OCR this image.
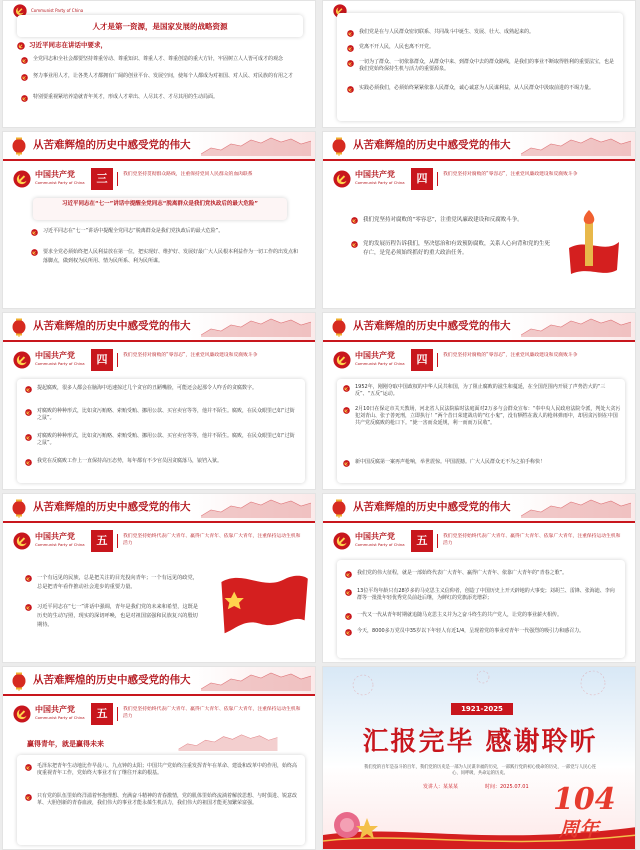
Communist Party of China
人才是第一资源，是国家发展的战略资源
习近平同志在讲话中要求，
全党同志和全社会都要坚持尊重劳动、尊重知识、尊重人才、尊重创造的重大方针，牢固树立人人皆可成才的观念
努力事业用人才，让各类人才都拥有广阔的创业平台、发展空间，使每个人都成为对祖国、对人民、对民族的有用之才
特别要重视紧培养造就青年英才，形成人才辈出、人尽其才、才尽其用的生动局面。
我们党是在与人民群众密切联系、共同战斗中诞生、发展、壮大、成熟起来的。
党离不开人民，人民也离不开党。
一切为了群众、一切依靠群众，从群众中来、到群众中去的群众路线，是我们的事业不断取得胜利的重要法宝，也是我们党始终保持生机与活力的重要源泉。
实践必须我们，必须始终紧紧依靠人民群众，诚心诚意为人民谋利益，从人民群众中汲取前进的不竭力量。
从苦难辉煌的历史中感受党的伟大
中国共产党
Communist Party of China	三	我们党坚持贯彻群众路线，注重保持党同人民群众的血肉联系
习近平同志在“七一”讲话中提醒全党同志“脱离群众是我们党执政后的最大危险”
习近平同志在“七一”讲话中提醒全党同志“脱离群众是我们党执政后的最大危险”。
要求全党必须始终把人民利益放在第一位，把实现好、维护好、发展好最广大人民根本利益作为一切工作的出发点和落脚点，做到权为民所用、情为民所系、利为民所谋。
从苦难辉煌的历史中感受党的伟大
中国共产党
Communist Party of China	四	我们党坚持对腐败的“零容忍”，注重党风廉政建设和反腐败斗争
我们党坚持对腐败的“零容忍”，注重党风廉政建设和反腐败斗争。
党的发展历程告诉我们，坚决惩治和有效预防腐败，关系人心向背和党的生死存亡，是党必须始终抓好的重大政治任务。
从苦难辉煌的历史中感受党的伟大
中国共产党
Communist Party of China	四	我们党坚持对腐败的“零容忍”，注重党风廉政建设和反腐败斗争
提起腐败，很多人都会在脑海中迅速掠过几个贪官的丑陋嘴脸，可能还会起那令人咋舌的贪腐数字。
对腐败的种种形式，比如贪污贿赂、索贿受贿、挪用公款、买官卖官等等，他并不陌生。腐败，在民众眼里已如“过街之鼠”。
对腐败的种种形式，比如贪污贿赂、索贿受贿、挪用公款、买官卖官等等，他并不陌生。腐败，在民众眼里已如“过街之鼠”。
我党在反腐败工作上一直保持高压态势，每年都有不少官员因贪腐落马，锒铛入狱。
从苦难辉煌的历史中感受党的伟大
中国共产党
Communist Party of China	四	我们党坚持对腐败的“零容忍”，注重党风廉政建设和反腐败斗争
1952年，刚刚夺取中国政权的中华人民共和国，为了阻止腐败的滋生和蔓延，在全国范围内开展了声势浩大的“三反”、“五反”运动。
2月10日在保定市关天教场，河北省人民法院临时法庭面对2万多与会群众宣布：“奉中央人民政府法院令派，判处大贪污犯刘青山、张子善死刑，立即执行！”两个昔日荣建战功的“红小鬼”，没有牺牲在敌人的枪林弹雨中，却因贪污倒在中国共产党反腐败的枪口下。“毙一害而众延规，利一而而万民收”。
新中国反腐第一案再声枪响，举世震惊。甲国震撼。广大人民群众无不为之拍手称快！
从苦难辉煌的历史中感受党的伟大
中国共产党
Communist Party of China	五	我们党坚持始终代表广大青年、赢得广大青年、依靠广大青年，注重保持运动生机和活力
一个有远见的民族，总是把关注的目光投向青年；一个有远见的政党，总是把青年看作推动社会进步的重要力量。
习近平同志在“七一”讲话中强调，青年是我们党的未来和希望，这既是历史的生动写照，现实的深切呼唤，也是对祖国富强和民族复兴的殷切期待。
从苦难辉煌的历史中感受党的伟大
中国共产党
Communist Party of China	五	我们党坚持始终代表广大青年、赢得广大青年、依靠广大青年，注重保持运动生机和活力
我们党的伟大征程，就是一部始终代表广大青年、赢得广大青年、依靠广大青年的“青春之歌”。
13位平均年龄只有28岁多的马克思主义信仰者，创造了中国历史上开天辟地的大事变；刘胡兰、雷锋、张海迪、李向群等一批批年轻优秀党员前赴后继，为鲜红的党旗添光增彩；
一代又一代从青年时期就追随马克思主义并为之奋斗终生的共产党人，让党的事业薪火相传。
今天，8000多万党员中35岁以下年轻人有近1/4，呈现着党的事业对青年一代强烈的吸引力和感召力。
从苦难辉煌的历史中感受党的伟大
中国共产党
Communist Party of China	五	我们党坚持始终代表广大青年、赢得广大青年、依靠广大青年，注重保持运动生机和活力
赢得青年，就是赢得未来
毛泽东把青年生动地比作早晨八、九点钟的太阳；中国共产党始终注重发挥青年在革命、建设和改革中的作用，始终高度重视青年工作，党始终大事业才有了继往开来的根基。
只有党的队伍里始终洋溢着怀抱理想、充满奋斗精神的青春激情，党的肌体里始终流淌着解放思想、与时俱进、锐意改革、大胆创新的青春血液，我们伟大的事业才能永葆生机活力，我们伟大的祖国才能更加繁荣富强。
1921-2025
汇报完毕 感谢聆听
我们党的百年是奋斗的百年，我们党的历史是一部为人民谋幸福的历史，一部践行党的初心使命的历史，一部党与人民心连心、同呼吸、共命运的历史。
发讲人：某某某	时间：2025.07.01 104
周年
